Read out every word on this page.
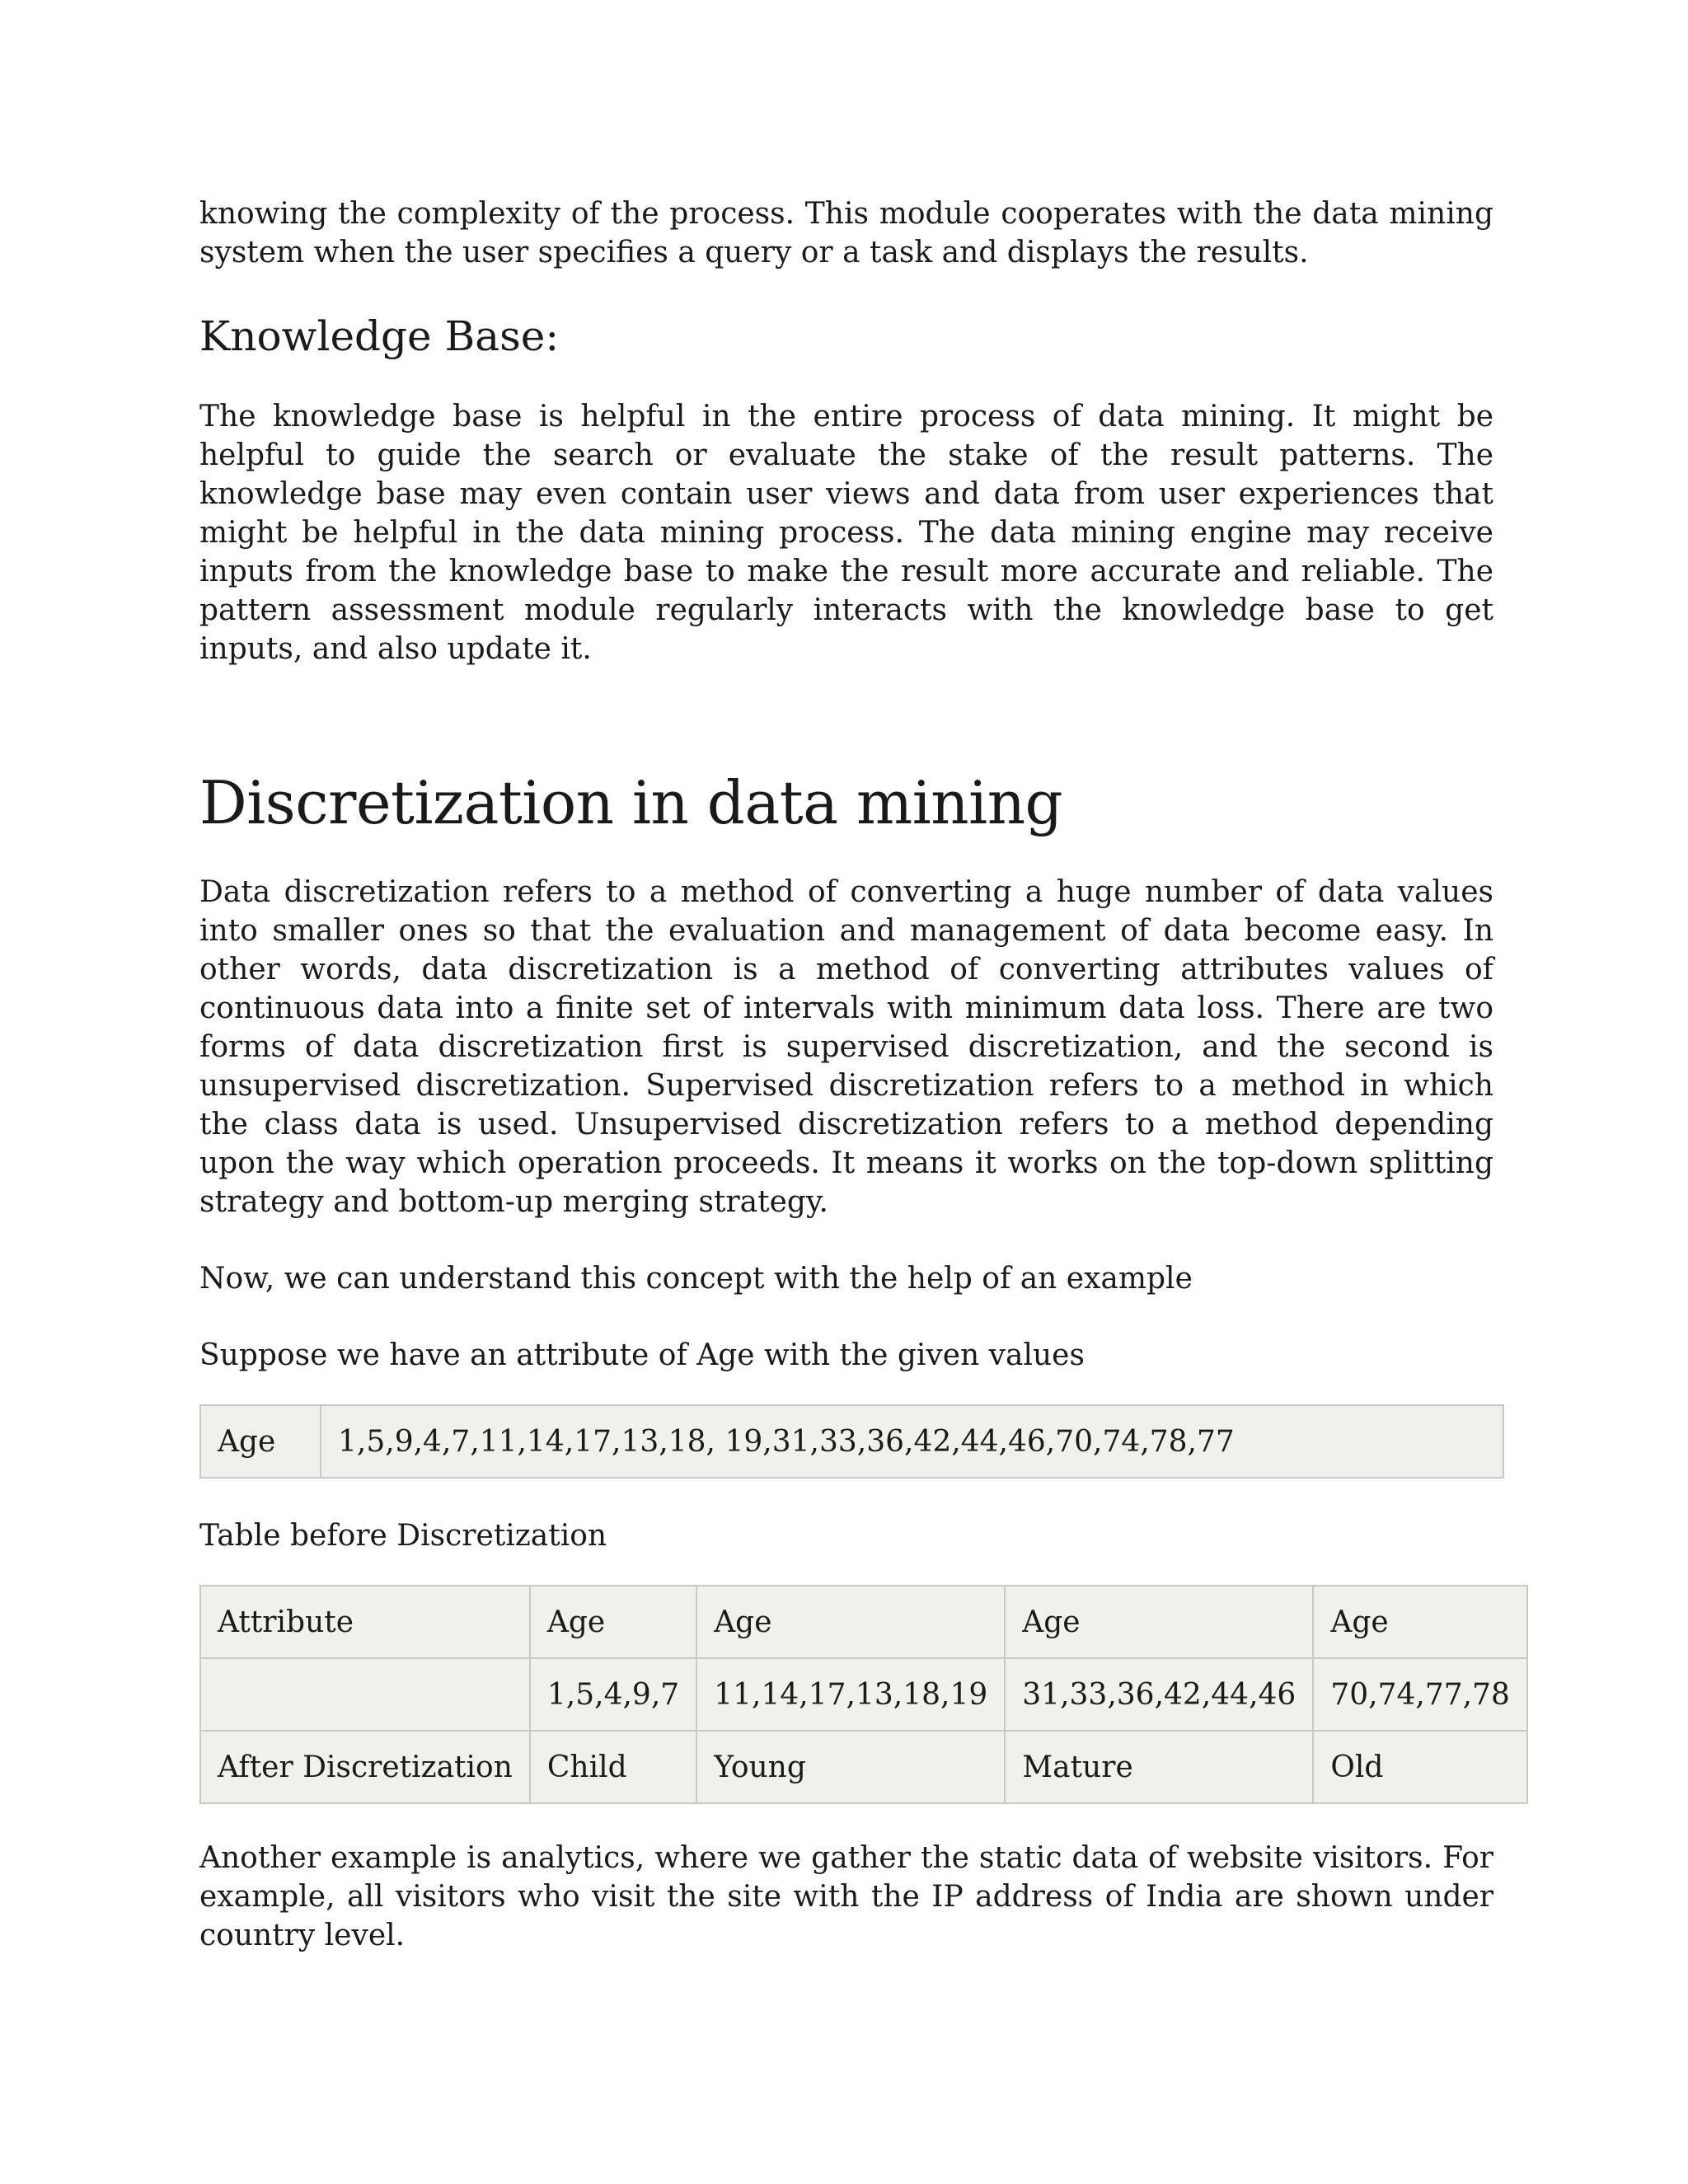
knowing the complexity of the process. This module cooperates with the data mining system when the user specifies a query or a task and displays the results.

Knowledge Base:

The knowledge base is helpful in the entire process of data mining. It might be helpful to guide the search or evaluate the stake of the result patterns. The knowledge base may even contain user views and data from user experiences that might be helpful in the data mining process. The data mining engine may receive inputs from the knowledge base to make the result more accurate and reliable. The pattern assessment module regularly interacts with the knowledge base to get inputs, and also update it.

Discretization in data mining

Data discretization refers to a method of converting a huge number of data values into smaller ones so that the evaluation and management of data become easy. In other words, data discretization is a method of converting attributes values of continuous data into a finite set of intervals with minimum data loss. There are two forms of data discretization first is supervised discretization, and the second is unsupervised discretization. Supervised discretization refers to a method in which the class data is used. Unsupervised discretization refers to a method depending upon the way which operation proceeds. It means it works on the top-down splitting strategy and bottom-up merging strategy.

Now, we can understand this concept with the help of an example

Suppose we have an attribute of Age with the given values

Age	1,5,9,4,7,11,14,17,13,18, 19,31,33,36,42,44,46,70,74,78,77

Table before Discretization

Attribute	Age	Age	Age	Age
	1,5,4,9,7	11,14,17,13,18,19	31,33,36,42,44,46	70,74,77,78
After Discretization	Child	Young	Mature	Old

Another example is analytics, where we gather the static data of website visitors. For example, all visitors who visit the site with the IP address of India are shown under country level.
